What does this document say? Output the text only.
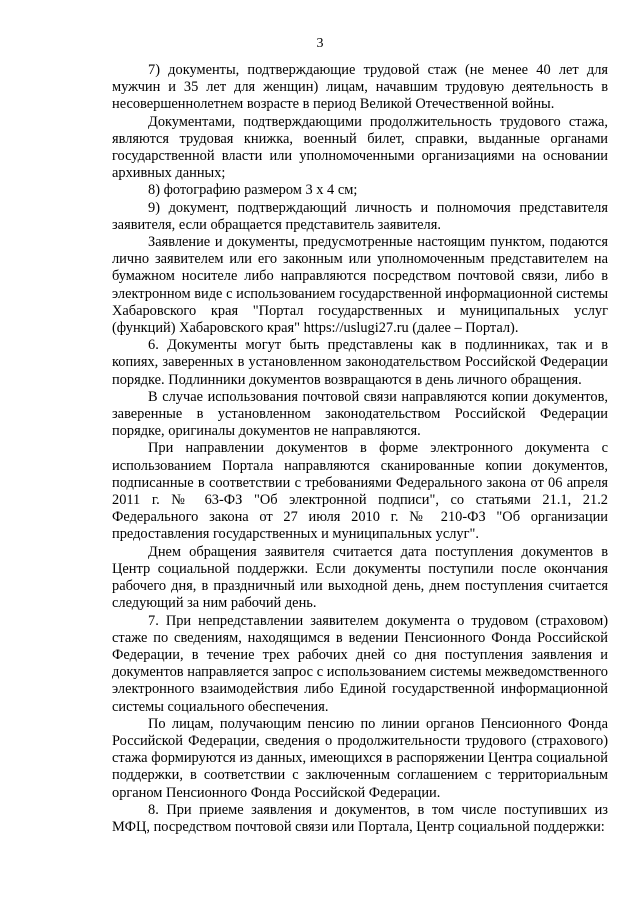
3

7) документы, подтверждающие трудовой стаж (не менее 40 лет для мужчин и 35 лет для женщин) лицам, начавшим трудовую деятельность в несовершеннолетнем возрасте в период Великой Отечественной войны.

Документами, подтверждающими продолжительность трудового стажа, являются трудовая книжка, военный билет, справки, выданные органами государственной власти или уполномоченными организациями на основании архивных данных;

8) фотографию размером 3 x 4 см;

9) документ, подтверждающий личность и полномочия представителя заявителя, если обращается представитель заявителя.

Заявление и документы, предусмотренные настоящим пунктом, подаются лично заявителем или его законным или уполномоченным представителем на бумажном носителе либо направляются посредством почтовой связи, либо в электронном виде с использованием государственной информационной системы Хабаровского края "Портал государственных и муниципальных услуг (функций) Хабаровского края" https://uslugi27.ru (далее – Портал).

6. Документы могут быть представлены как в подлинниках, так и в копиях, заверенных в установленном законодательством Российской Федерации порядке. Подлинники документов возвращаются в день личного обращения.

В случае использования почтовой связи направляются копии документов, заверенные в установленном законодательством Российской Федерации порядке, оригиналы документов не направляются.

При направлении документов в форме электронного документа с использованием Портала направляются сканированные копии документов, подписанные в соответствии с требованиями Федерального закона от 06 апреля 2011 г. № 63-ФЗ "Об электронной подписи", со статьями 21.1, 21.2 Федерального закона от 27 июля 2010 г. № 210-ФЗ "Об организации предоставления государственных и муниципальных услуг".

Днем обращения заявителя считается дата поступления документов в Центр социальной поддержки. Если документы поступили после окончания рабочего дня, в праздничный или выходной день, днем поступления считается следующий за ним рабочий день.

7. При непредставлении заявителем документа о трудовом (страховом) стаже по сведениям, находящимся в ведении Пенсионного Фонда Российской Федерации, в течение трех рабочих дней со дня поступления заявления и документов направляется запрос с использованием системы межведомственного электронного взаимодействия либо Единой государственной информационной системы социального обеспечения.

По лицам, получающим пенсию по линии органов Пенсионного Фонда Российской Федерации, сведения о продолжительности трудового (страхового) стажа формируются из данных, имеющихся в распоряжении Центра социальной поддержки, в соответствии с заключенным соглашением с территориальным органом Пенсионного Фонда Российской Федерации.

8. При приеме заявления и документов, в том числе поступивших из МФЦ, посредством почтовой связи или Портала, Центр социальной поддержки:
